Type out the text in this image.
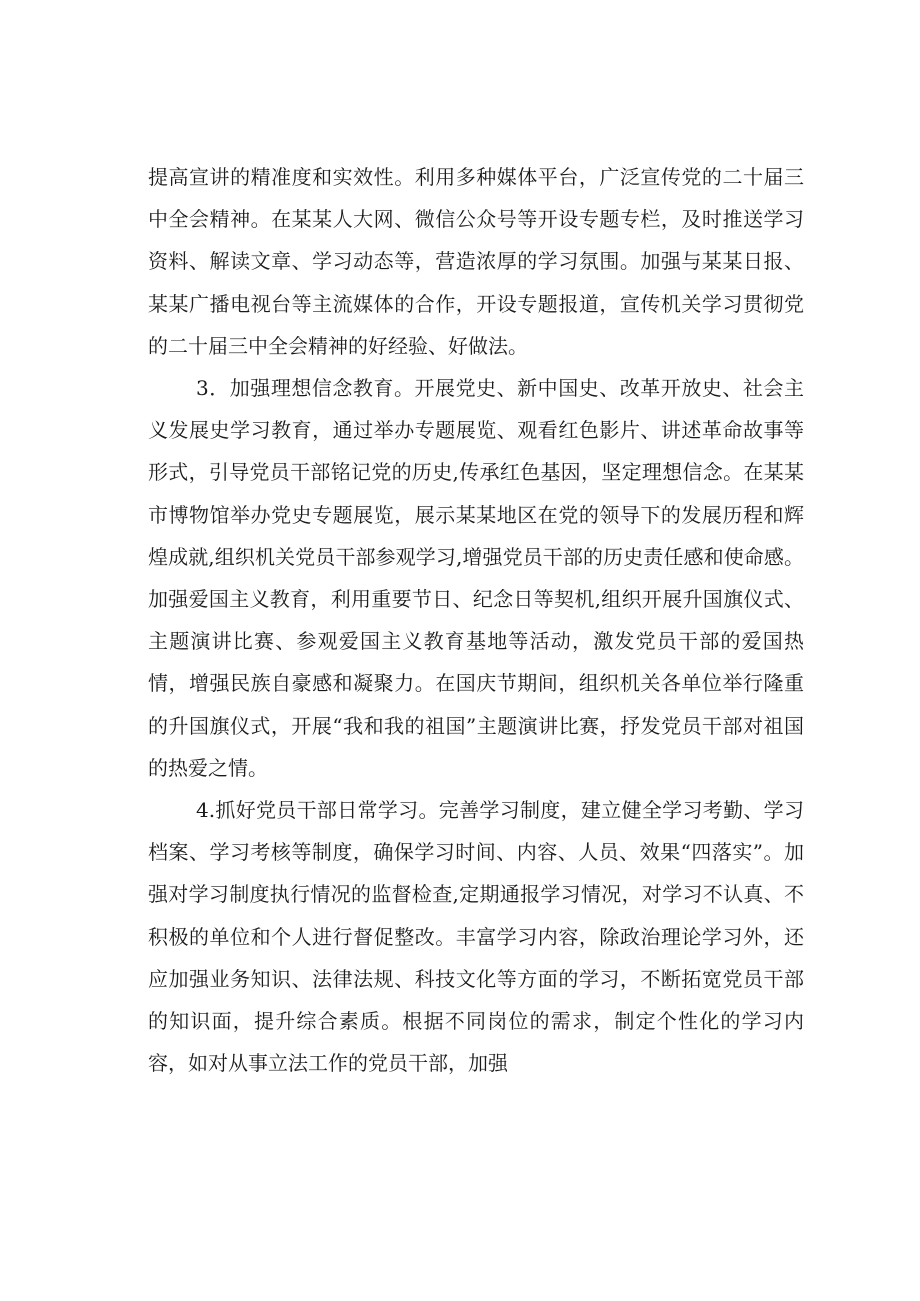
提高宣讲的精准度和实效性。利用多种媒体平台，广泛宣传党的二十届三中全会精神。在某某人大网、微信公众号等开设专题专栏，及时推送学习资料、解读文章、学习动态等，营造浓厚的学习氛围。加强与某某日报、某某广播电视台等主流媒体的合作，开设专题报道，宣传机关学习贯彻党的二十届三中全会精神的好经验、好做法。

3．加强理想信念教育。开展党史、新中国史、改革开放史、社会主义发展史学习教育，通过举办专题展览、观看红色影片、讲述革命故事等形式，引导党员干部铭记党的历史,传承红色基因，坚定理想信念。在某某市博物馆举办党史专题展览，展示某某地区在党的领导下的发展历程和辉煌成就,组织机关党员干部参观学习,增强党员干部的历史责任感和使命感。加强爱国主义教育，利用重要节日、纪念日等契机,组织开展升国旗仪式、主题演讲比赛、参观爱国主义教育基地等活动，激发党员干部的爱国热情，增强民族自豪感和凝聚力。在国庆节期间，组织机关各单位举行隆重的升国旗仪式，开展“我和我的祖国”主题演讲比赛，抒发党员干部对祖国的热爱之情。

4.抓好党员干部日常学习。完善学习制度，建立健全学习考勤、学习档案、学习考核等制度，确保学习时间、内容、人员、效果“四落实”。加强对学习制度执行情况的监督检查,定期通报学习情况，对学习不认真、不积极的单位和个人进行督促整改。丰富学习内容，除政治理论学习外，还应加强业务知识、法律法规、科技文化等方面的学习，不断拓宽党员干部的知识面，提升综合素质。根据不同岗位的需求，制定个性化的学习内容，如对从事立法工作的党员干部，加强
